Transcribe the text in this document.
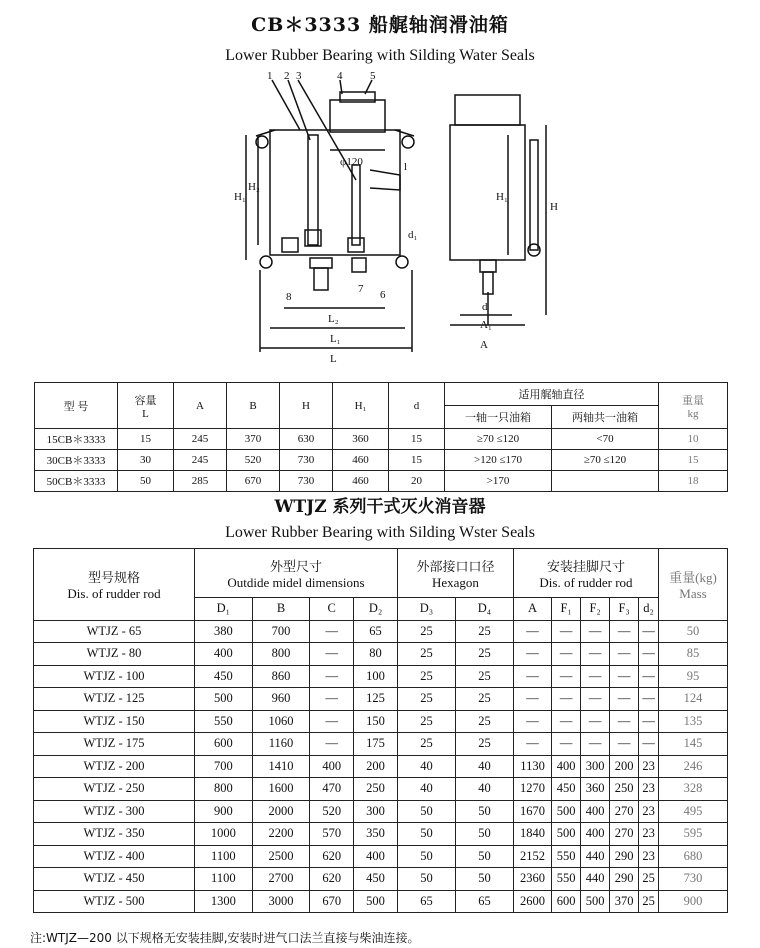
CB＊3333 船艉轴润滑油箱
Lower Rubber Bearing with Silding Water Seals
1 2 3	4	5
φ120	l
H₁
H₂
d₁
8
7 6
L₂
L₁
L
H₁
H
d
A₁
A
型 号	容量
L	A	B	H	H₁	d	适用艉轴直径		重量
kg
							一轴一只油箱	两轴共一油箱	
15CB＊3333	15	245	370	630	360	15	≥70 ≤120	<70	10
30CB＊3333	30	245	520	730	460	15	>120 ≤170	≥70 ≤120	15
50CB＊3333	50	285	670	730	460	20	>170		18
WTJZ 系列干式灭火消音器
Lower Rubber Bearing with Silding Wster Seals
型号规格
Dis. of rudder rod	外型尺寸
Outdide midel dimensions				外部接口口径
Hexagon		安装挂脚尺寸
Dis. of rudder rod					重量(kg)
Mass
	D₁	B	C	D₂	D₃	D₄	A	F₁	F₂	F₃	d₂	
WTJZ - 65	380	700	—	65	25	25	—	—	—	—	—	50
WTJZ - 80	400	800	—	80	25	25	—	—	—	—	—	85
WTJZ - 100	450	860	—	100	25	25	—	—	—	—	—	95
WTJZ - 125	500	960	—	125	25	25	—	—	—	—	—	124
WTJZ - 150	550	1060	—	150	25	25	—	—	—	—	—	135
WTJZ - 175	600	1160	—	175	25	25	—	—	—	—	—	145
WTJZ - 200	700	1410	400	200	40	40	1130	400	300	200	23	246
WTJZ - 250	800	1600	470	250	40	40	1270	450	360	250	23	328
WTJZ - 300	900	2000	520	300	50	50	1670	500	400	270	23	495
WTJZ - 350	1000	2200	570	350	50	50	1840	500	400	270	23	595
WTJZ - 400	1100	2500	620	400	50	50	2152	550	440	290	23	680
WTJZ - 450	1100	2700	620	450	50	50	2360	550	440	290	25	730
WTJZ - 500	1300	3000	670	500	65	65	2600	600	500	370	25	900
注:WTJZ—200 以下规格无安装挂脚,安装时进气口法兰直接与柴油连接。
